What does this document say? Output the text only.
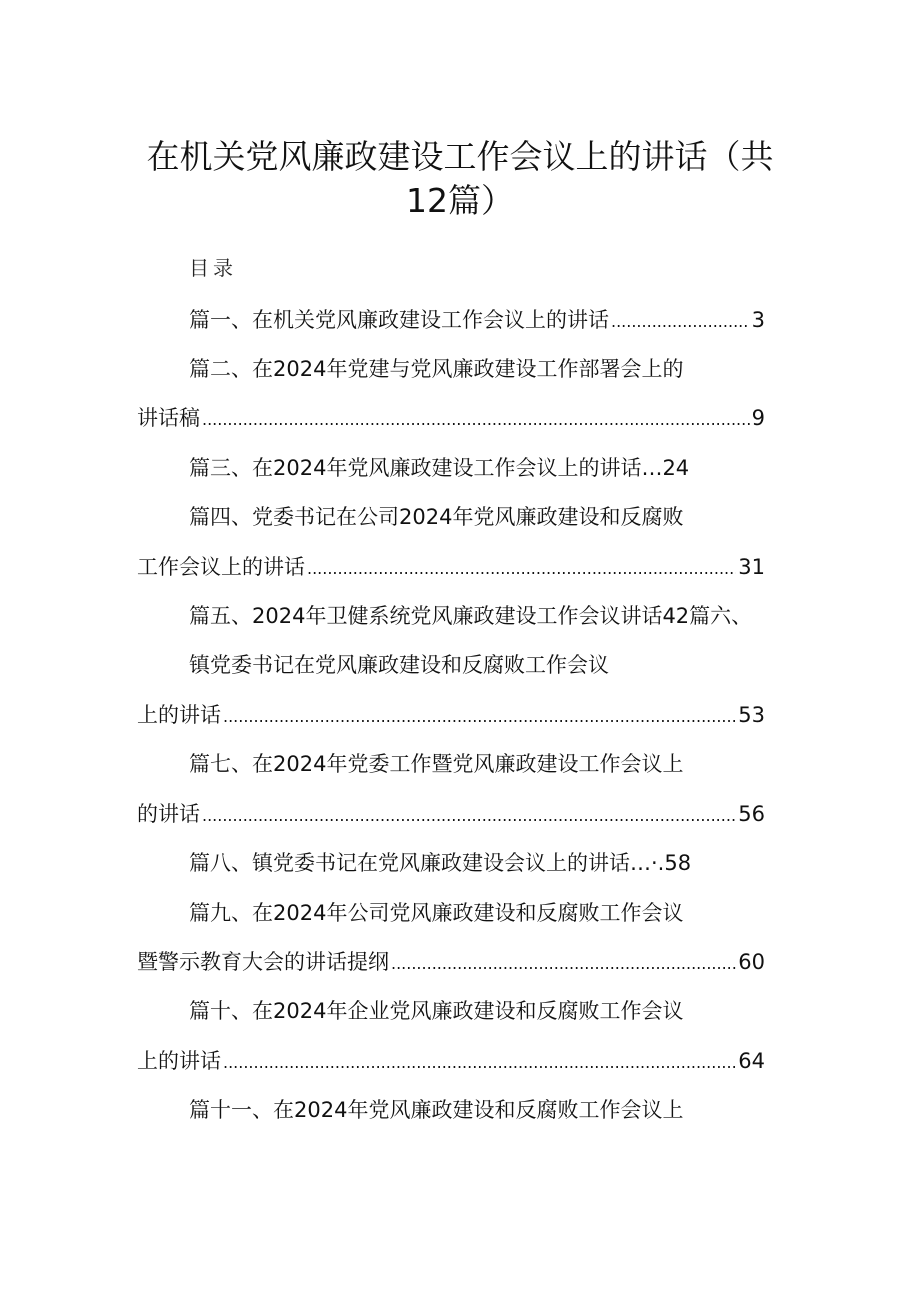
在机关党风廉政建设工作会议上的讲话（共
12篇）
目录
篇一、在机关党风廉政建设工作会议上的讲话 .....	3
篇二、在2024年党建与党风廉政建设工作部署会上的
讲话稿 .....	9
篇三、在2024年党风廉政建设工作会议上的讲话…24
篇四、党委书记在公司2024年党风廉政建设和反腐败
工作会议上的讲话 .....	31
篇五、2024年卫健系统党风廉政建设工作会议讲话42篇六、
镇党委书记在党风廉政建设和反腐败工作会议
上的讲话 .....	53
篇七、在2024年党委工作暨党风廉政建设工作会议上
的讲话 .....	56
篇八、镇党委书记在党风廉政建设会议上的讲话…·.58
篇九、在2024年公司党风廉政建设和反腐败工作会议
暨警示教育大会的讲话提纲 .....	60
篇十、在2024年企业党风廉政建设和反腐败工作会议
上的讲话 .....	64
篇十一、在2024年党风廉政建设和反腐败工作会议上
